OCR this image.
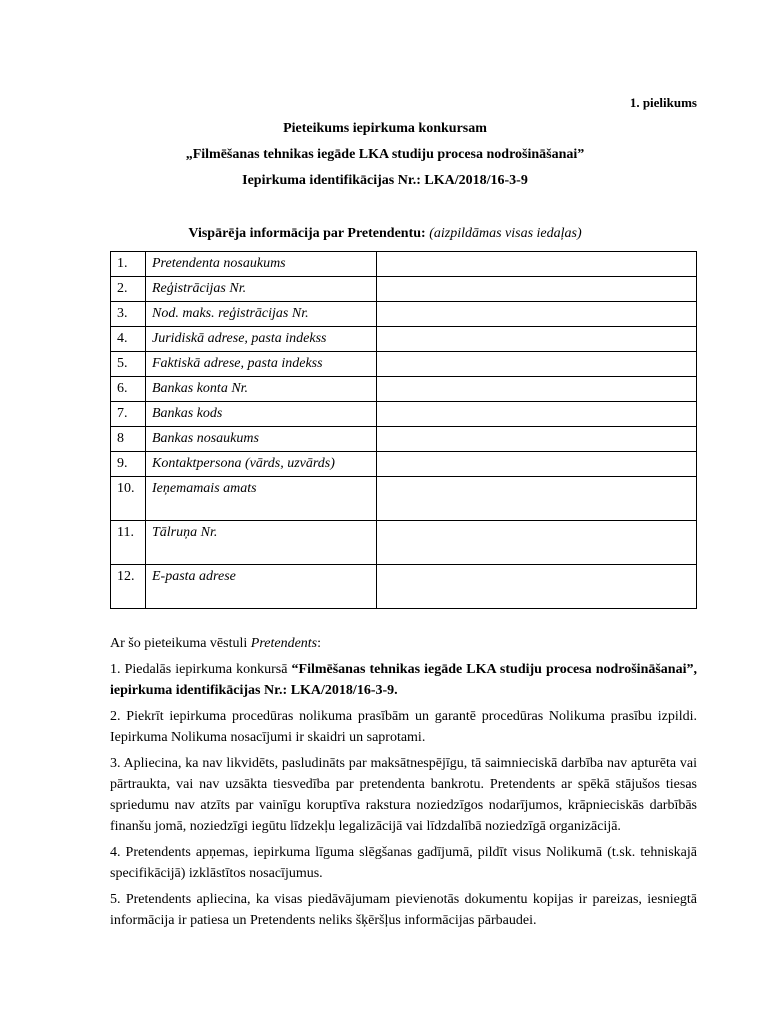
1. pielikums
Pieteikums iepirkuma konkursam
„Filmēšanas tehnikas iegāde LKA studiju procesa nodrošināšanai”
Iepirkuma identifikācijas Nr.: LKA/2018/16-3-9
Vispārēja informācija par Pretendentu: (aizpildāmas visas iedaļas)
1.	Pretendenta nosaukums	
2.	Reģistrācijas Nr.	
3.	Nod. maks. reģistrācijas Nr.	
4.	Juridiskā adrese, pasta indekss	
5.	Faktiskā adrese, pasta indekss	
6.	Bankas konta Nr.	
7.	Bankas kods	
8	Bankas nosaukums	
9.	Kontaktpersona (vārds, uzvārds)	
10.	Ieņemamais amats	
11.	Tālruņa Nr.	
12.	E-pasta adrese	

Ar šo pieteikuma vēstuli Pretendents:

1. Piedalās iepirkuma konkursā “Filmēšanas tehnikas iegāde LKA studiju procesa nodrošināšanai”, iepirkuma identifikācijas Nr.: LKA/2018/16-3-9.

2. Piekrīt iepirkuma procedūras nolikuma prasībām un garantē procedūras Nolikuma prasību izpildi. Iepirkuma Nolikuma nosacījumi ir skaidri un saprotami.

3. Apliecina, ka nav likvidēts, pasludināts par maksātnespējīgu, tā saimnieciskā darbība nav apturēta vai pārtraukta, vai nav uzsākta tiesvedība par pretendenta bankrotu. Pretendents ar spēkā stājušos tiesas spriedumu nav atzīts par vainīgu koruptīva rakstura noziedzīgos nodarījumos, krāpnieciskās darbībās finanšu jomā, noziedzīgi iegūtu līdzekļu legalizācijā vai līdzdalībā noziedzīgā organizācijā.

4. Pretendents apņemas, iepirkuma līguma slēgšanas gadījumā, pildīt visus Nolikumā (t.sk. tehniskajā specifikācijā) izklāstītos nosacījumus.

5. Pretendents apliecina, ka visas piedāvājumam pievienotās dokumentu kopijas ir pareizas, iesniegtā informācija ir patiesa un Pretendents neliks šķēršļus informācijas pārbaudei.
